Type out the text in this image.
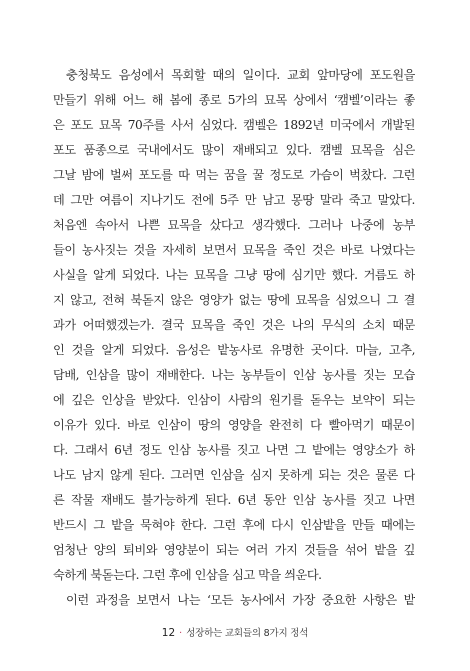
충청북도 음성에서 목회할 때의 일이다. 교회 앞마당에 포도원을
만들기 위해 어느 해 봄에 종로 5가의 묘목 상에서 ‘캠벨’이라는 좋
은 포도 묘목 70주를 사서 심었다. 캠벨은 1892년 미국에서 개발된
포도 품종으로 국내에서도 많이 재배되고 있다. 캠벨 묘목을 심은
그날 밤에 벌써 포도를 따 먹는 꿈을 꿀 정도로 가슴이 벅찼다. 그런
데 그만 여름이 지나기도 전에 5주 만 남고 몽땅 말라 죽고 말았다.
처음엔 속아서 나쁜 묘목을 샀다고 생각했다. 그러나 나중에 농부
들이 농사짓는 것을 자세히 보면서 묘목을 죽인 것은 바로 나였다는
사실을 알게 되었다. 나는 묘목을 그냥 땅에 심기만 했다. 거름도 하
지 않고, 전혀 북돋지 않은 영양가 없는 땅에 묘목을 심었으니 그 결
과가 어떠했겠는가. 결국 묘목을 죽인 것은 나의 무식의 소치 때문
인 것을 알게 되었다. 음성은 밭농사로 유명한 곳이다. 마늘, 고추,
담배, 인삼을 많이 재배한다. 나는 농부들이 인삼 농사를 짓는 모습
에 깊은 인상을 받았다. 인삼이 사람의 원기를 돋우는 보약이 되는
이유가 있다. 바로 인삼이 땅의 영양을 완전히 다 빨아먹기 때문이
다. 그래서 6년 정도 인삼 농사를 짓고 나면 그 밭에는 영양소가 하
나도 남지 않게 된다. 그러면 인삼을 심지 못하게 되는 것은 물론 다
른 작물 재배도 불가능하게 된다. 6년 동안 인삼 농사를 짓고 나면
반드시 그 밭을 묵혀야 한다. 그런 후에 다시 인삼밭을 만들 때에는
엄청난 양의 퇴비와 영양분이 되는 여러 가지 것들을 섞어 밭을 깊
숙하게 북돋는다. 그런 후에 인삼을 심고 막을 씌운다.
이런 과정을 보면서 나는 ‘모든 농사에서 가장 중요한 사항은 밭
12 · 성장하는 교회들의 8가지 정석
